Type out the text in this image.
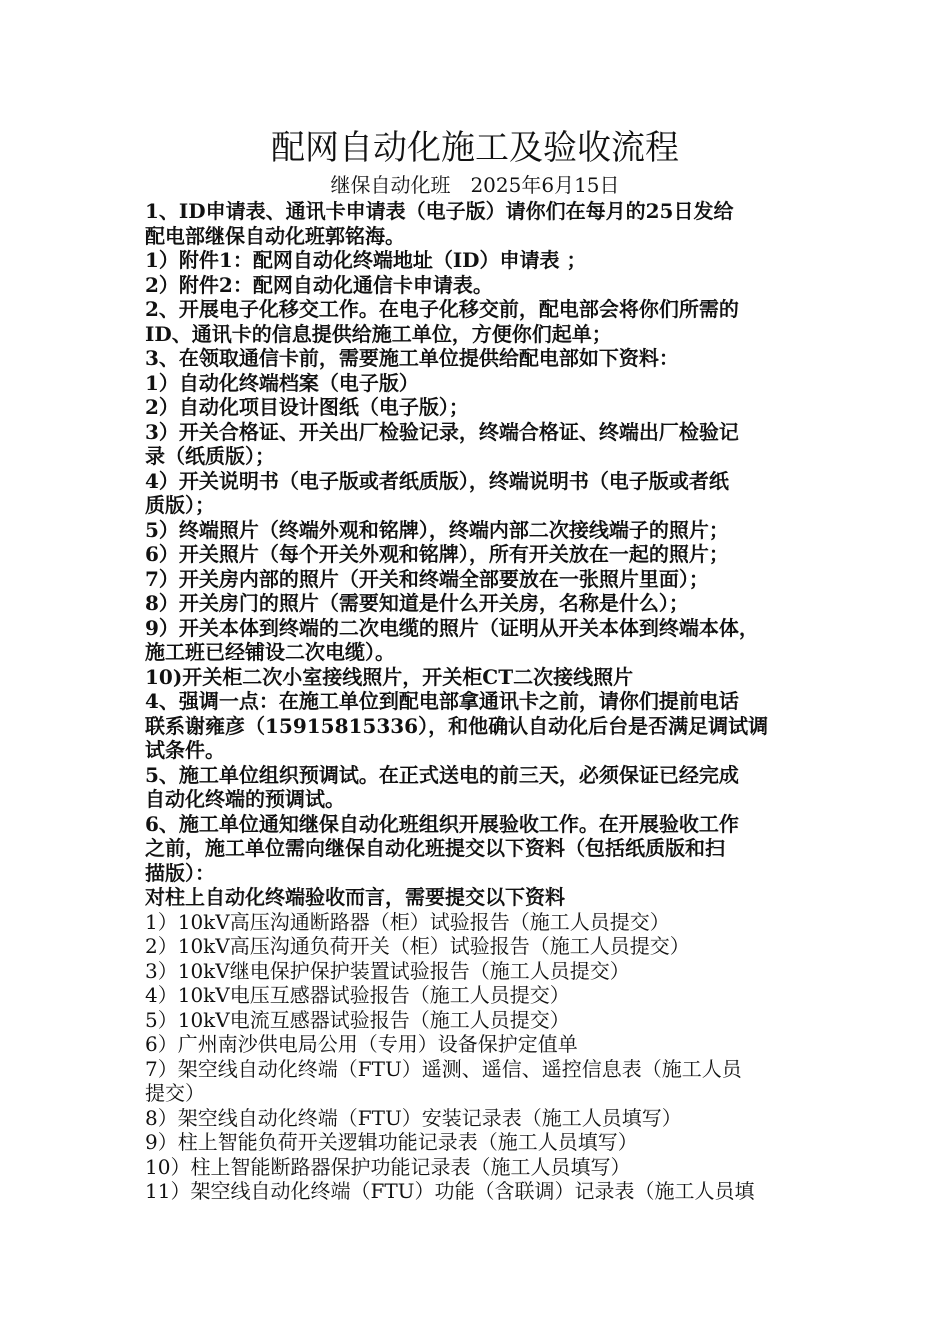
配网自动化施工及验收流程
继保自动化班　2025年6月15日
1、ID申请表、通讯卡申请表（电子版）请你们在每月的25日发给
配电部继保自动化班郭铭海。
1）附件1：配网自动化终端地址（ID）申请表 ；
2）附件2：配网自动化通信卡申请表。
2、开展电子化移交工作。在电子化移交前，配电部会将你们所需的
ID、通讯卡的信息提供给施工单位，方便你们起单；
3、在领取通信卡前，需要施工单位提供给配电部如下资料：
1）自动化终端档案（电子版）
2）自动化项目设计图纸（电子版）；
3）开关合格证、开关出厂检验记录，终端合格证、终端出厂检验记
录（纸质版）；
4）开关说明书（电子版或者纸质版），终端说明书（电子版或者纸
质版）；
5）终端照片（终端外观和铭牌），终端内部二次接线端子的照片；
6）开关照片（每个开关外观和铭牌），所有开关放在一起的照片；
7）开关房内部的照片（开关和终端全部要放在一张照片里面）；
8）开关房门的照片（需要知道是什么开关房，名称是什么）；
9）开关本体到终端的二次电缆的照片（证明从开关本体到终端本体，
施工班已经铺设二次电缆）。
10)开关柜二次小室接线照片，开关柜CT二次接线照片
4、强调一点：在施工单位到配电部拿通讯卡之前，请你们提前电话
联系谢雍彦（15915815336），和他确认自动化后台是否满足调试调
试条件。
5、施工单位组织预调试。在正式送电的前三天，必须保证已经完成
自动化终端的预调试。
6、施工单位通知继保自动化班组织开展验收工作。在开展验收工作
之前，施工单位需向继保自动化班提交以下资料（包括纸质版和扫
描版）：
对柱上自动化终端验收而言，需要提交以下资料
1）10kV高压沟通断路器（柜）试验报告（施工人员提交）
2）10kV高压沟通负荷开关（柜）试验报告（施工人员提交）
3）10kV继电保护保护装置试验报告（施工人员提交）
4）10kV电压互感器试验报告（施工人员提交）
5）10kV电流互感器试验报告（施工人员提交）
6）广州南沙供电局公用（专用）设备保护定值单
7）架空线自动化终端（FTU）遥测、遥信、遥控信息表（施工人员
提交）
8）架空线自动化终端（FTU）安装记录表（施工人员填写）
9）柱上智能负荷开关逻辑功能记录表（施工人员填写）
10）柱上智能断路器保护功能记录表（施工人员填写）
11）架空线自动化终端（FTU）功能（含联调）记录表（施工人员填
